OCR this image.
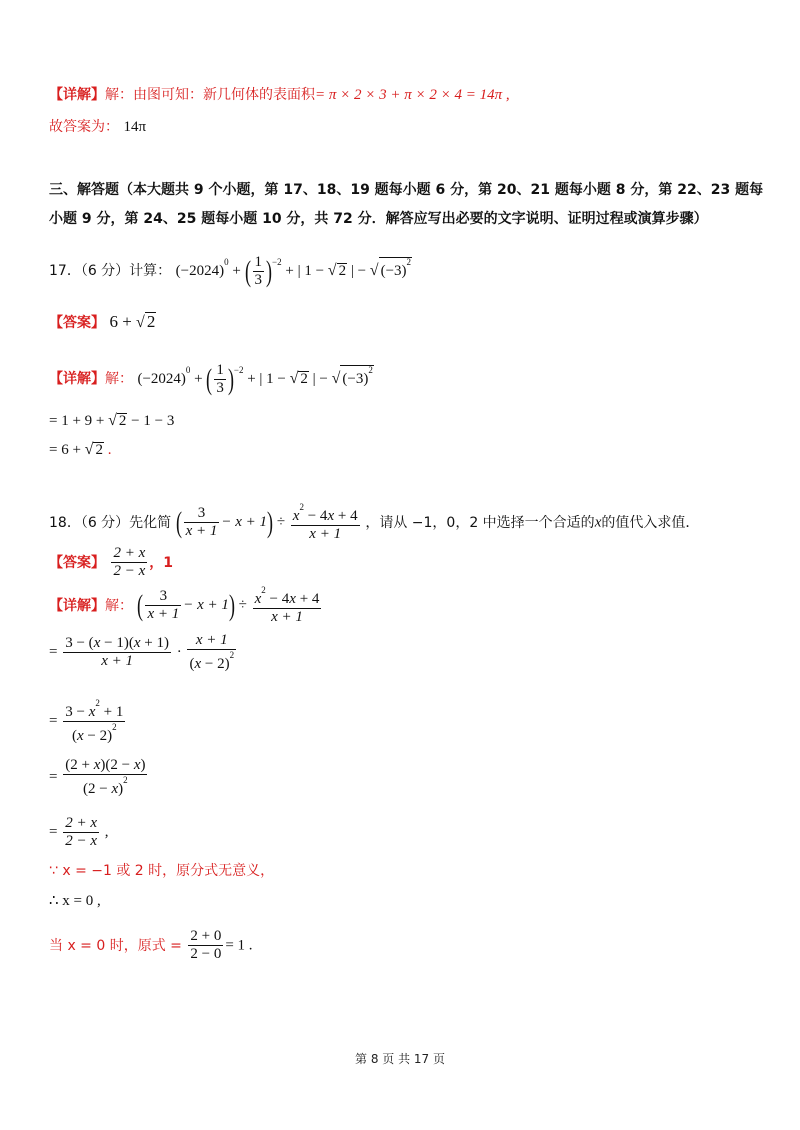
【详解】解：由图可知：新几何体的表面积= π × 2 × 3 + π × 2 × 4 = 14π ,
故答案为： 14π
三、解答题（本大题共 9 个小题，第 17、18、19 题每小题 6 分，第 20、21 题每小题 8 分，第 22、23 题每
小题 9 分，第 24、25 题每小题 10 分，共 72 分．解答应写出必要的文字说明、证明过程或演算步骤）
17．（6 分）计算： $(-2024)^0$ + ( $\frac{1}{3} )^{-2}$ + | 1 − √ 2 | − √ $(-3)^2$
【答案】 6 + √ 2
【详解】解： $(-2024)^0$ + ( $\frac{1}{3} )^{-2}$ + | 1 − √ 2 | − √ $(-3)^2$
= 1 + 9 + √ 2 − 1 − 3
= 6 + √ 2 .
18．（6 分）先化简 ( $\frac{3}{x + 1} - x + 1) \div \frac{x^2 - 4x + 4}{x + 1}$ ，请从 −1，0，2 中选择一个合适的x的值代入求值．
【答案】 $\frac{2 + x}{2 - x}$ ，1
【详解】解： ( $\frac{3}{x + 1} - x + 1) \div \frac{x^2 - 4x + 4}{x + 1}$
= $\frac{3 - (x - 1)(x + 1)}{x + 1} \cdot \frac{x + 1}{(x - 2)^2}$
= $\frac{3 - x^2 + 1}{(x - 2)^2}$
= $\frac{(2 + x)(2 - x)}{(2 - x)^2}$
= $\frac{2 + x}{2 - x}$ ,
∵ x = −1 或 2 时，原分式无意义，
∴ x = 0 ,
当 x = 0 时，原式 = $\frac{2 + 0}{2 - 0} = 1$ .
第 8 页 共 17 页
